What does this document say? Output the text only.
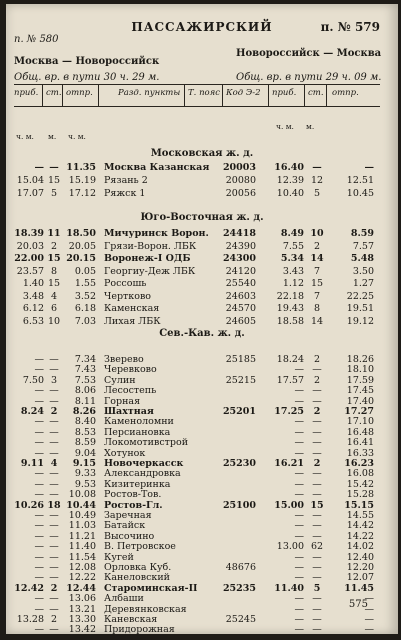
ПАССАЖИРСКИЙ
п. № 580
п. № 579
Москва — Новороссийск
Новороссийск — Москва
Общ. вр. в пути 30 ч. 29 м.	Общ. вр. в пути 29 ч. 09 м.
приб. ст. отпр.	Разд. пункты Т. пояс Код Э-2 приб. ст. отпр.
ч. м. м. ч. м.
м.
ч. м.
Московская ж. д.
— — 11.35 Москва Казанская	20003	16.40 —	—
15.04 15 15.19 Рязань 2	20080	12.39 12	12.51
17.07 5	17.12 Ряжск 1	20056	10.40	5	10.45
Юго-Восточная ж. д.
18.39 11 18.50 Мичуринск Ворон.	24418	8.49 10	8.59
20.03 2	20.05 Грязи-Ворон. ЛБК	24390	7.55	2	7.57
22.00 15 20.15 Воронеж-I ОДБ	24300	5.34 14	5.48
23.57 8	0.05 Георгиу-Деж ЛБК	24120	3.43	7	3.50
1.40 15	1.55 Россошь	25540	1.12 15	1.27
3.48 4	3.52 Чертково	24603	22.18	7	22.25
6.12 6	6.18 Каменская	24570	19.43	8	19.51
6.53 10	7.03 Лихая ЛБК	24605	18.58 14	19.12
Сев.-Кав. ж. д.
— —	7.34 Зверево	25185	18.24	2	18.26
— —	7.43 Черевково	— —	18.10
7.50 3	7.53 Сулин	25215	17.57	2	17.59
— —	8.06 Лесостепь	— —	17.45
— —	8.11 Горная	— —	17.40
8.24 2	8.26 Шахтная	25201	17.25	2	17.27
— —	8.40 Каменоломни	— —	17.10
— —	8.53 Персиановка	— —	16.48
— —	8.59 Локомотивстрой	— —	16.41
— —	9.04 Хотунок	— —	16.33
9.11 4	9.15 Новочеркасск	25230	16.21	2	16.23
— —	9.33 Александровка	— —	16.08
— —	9.53 Кизитеринка	— —	15.42
— —	10.08 Ростов-Тов.	— —	15.28
10.26 18 10.44 Ростов-Гл.	25100	15.00 15	15.15
— —	10.49 Заречная	— —	14.55
— —	11.03 Батайск	— —	14.42
— —	11.21 Высочино	— —	14.22
— —	11.40 В. Петровское	13.00 62	14.02
— —	11.54 Кугей	— —	12.40
— —	12.08 Орловка Куб.	48676	— —	12.20
— —	12.22 Канеловский	— —	12.07
12.42 2 12.44 Староминская-II	25235	11.40	5	11.45
— —	13.06 Албаши	— —	—
— —	13.21 Деревянковская	— —	—
13.28 2	13.30 Каневская	25245	— —	—
— —	13.42 Придорожная	— —	—
575
